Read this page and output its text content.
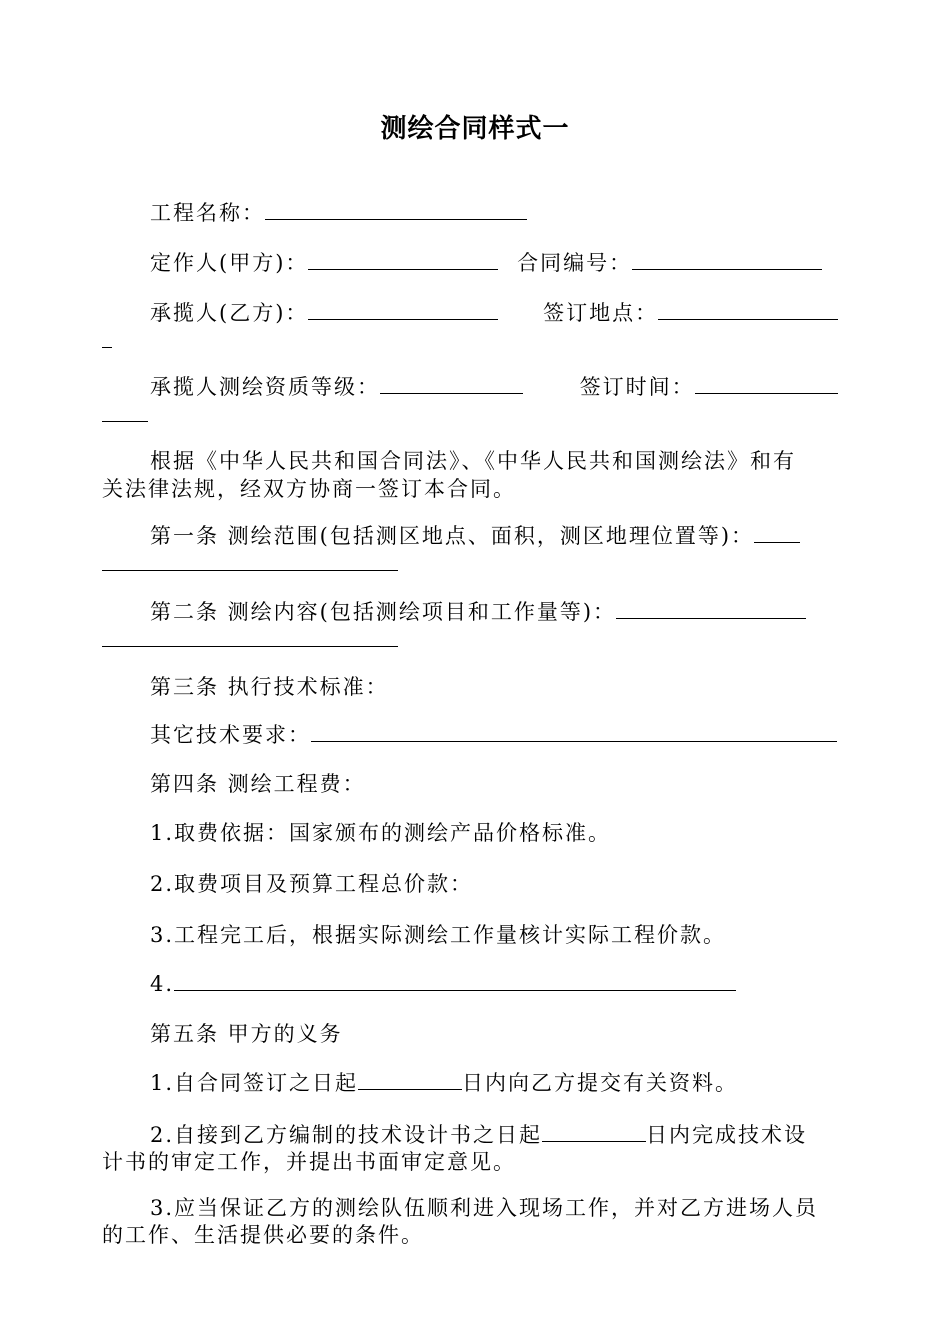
测绘合同样式一
工程名称：
定作人(甲方)：	合同编号：
承揽人(乙方)：	签订地点：
承揽人测绘资质等级：	签订时间：
根据《中华人民共和国合同法》、《中华人民共和国测绘法》和有
关法律法规，经双方协商一签订本合同。
第一条 测绘范围(包括测区地点、面积，测区地理位置等)：
第二条 测绘内容(包括测绘项目和工作量等)：
第三条 执行技术标准：
其它技术要求：
第四条 测绘工程费：
1.取费依据：国家颁布的测绘产品价格标准。
2.取费项目及预算工程总价款：
3.工程完工后，根据实际测绘工作量核计实际工程价款。
4.
第五条 甲方的义务
1.自合同签订之日起	日内向乙方提交有关资料。
2.自接到乙方编制的技术设计书之日起	日内完成技术设
计书的审定工作，并提出书面审定意见。
3.应当保证乙方的测绘队伍顺利进入现场工作，并对乙方进场人员
的工作、生活提供必要的条件。
